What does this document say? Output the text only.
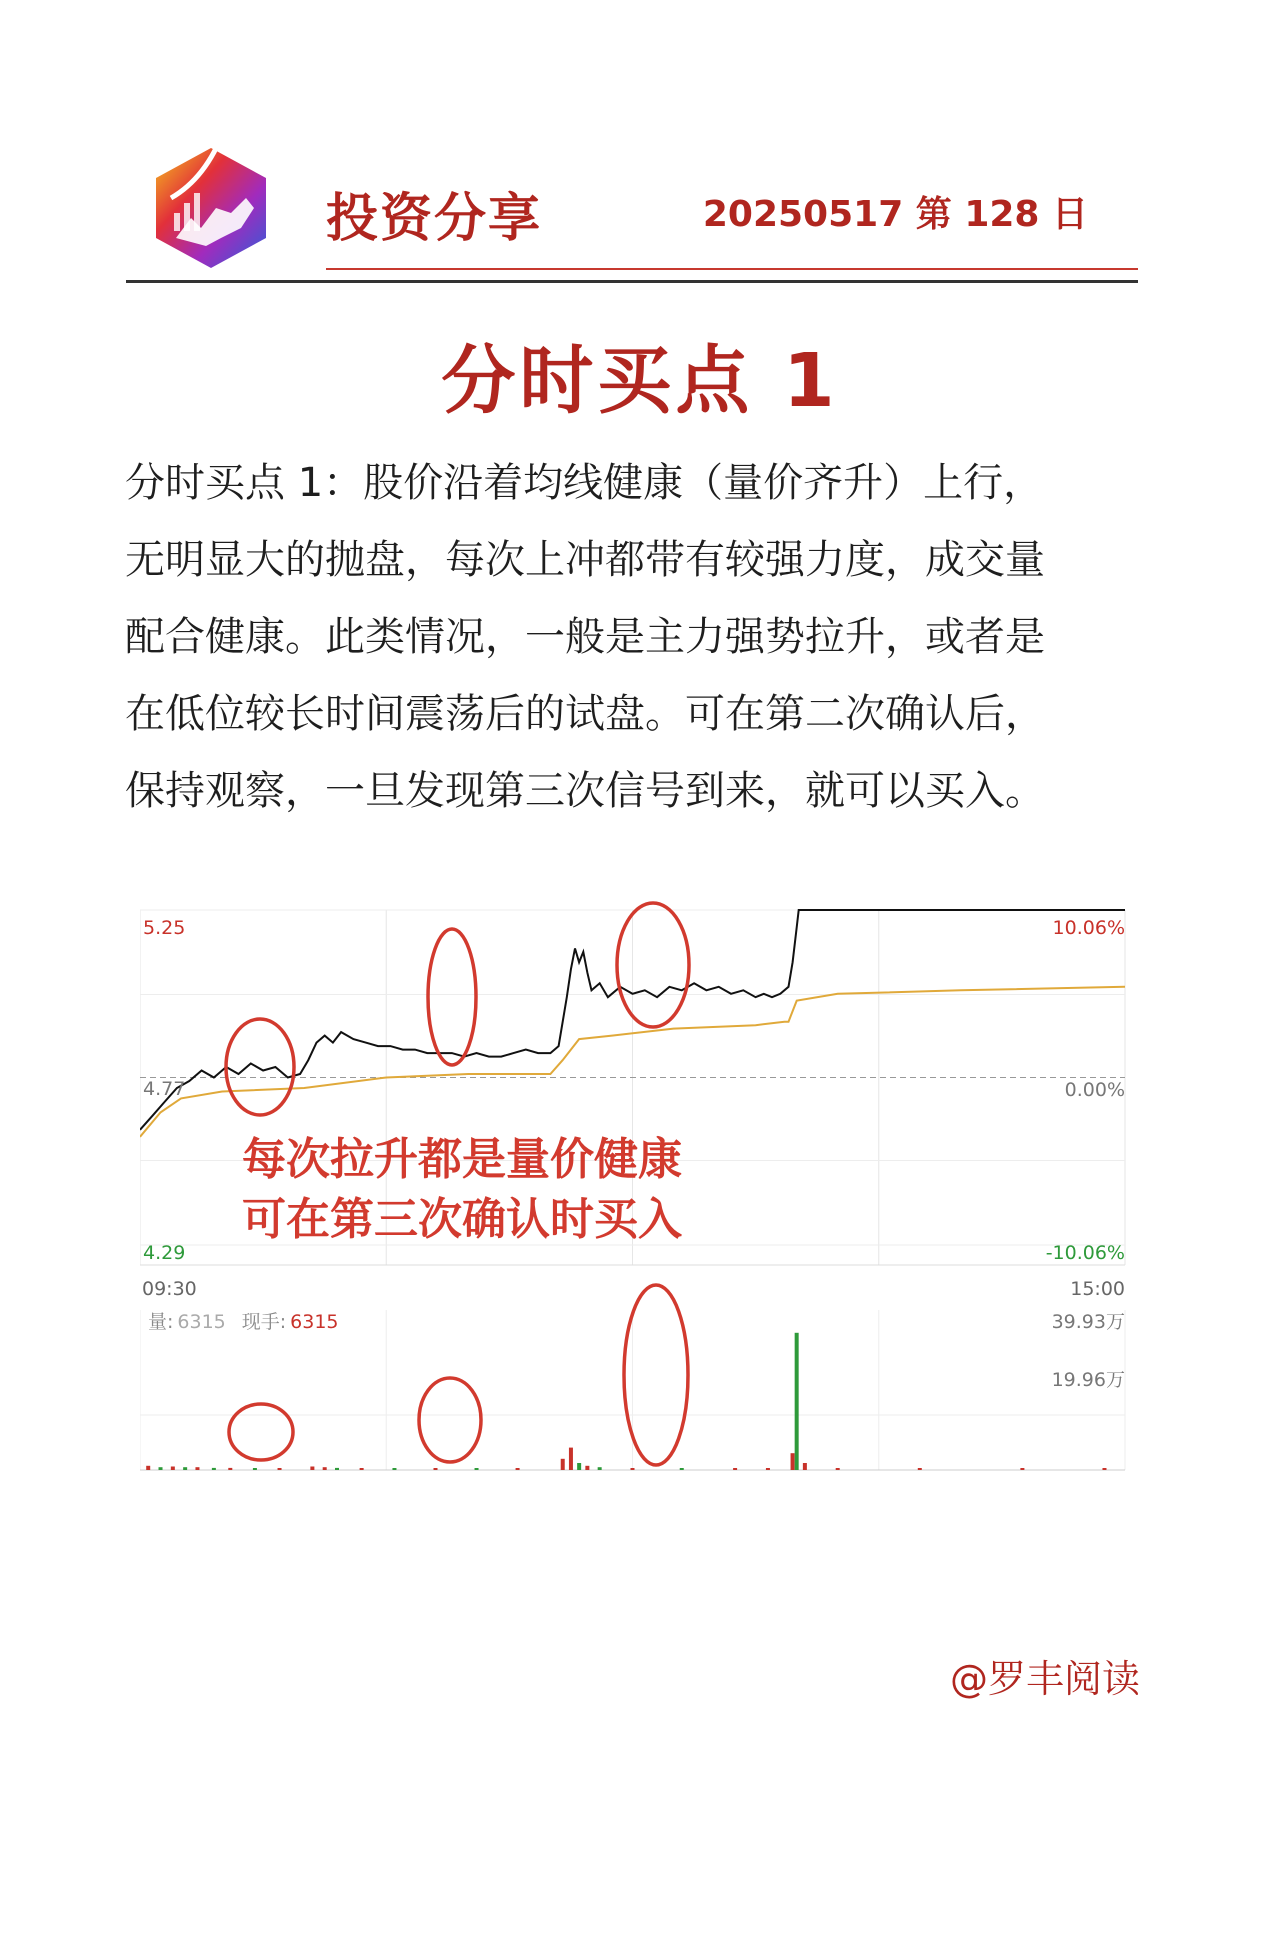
投资分享	20250517 第 128 日
分时买点 1
分时买点 1：股价沿着均线健康（量价齐升）上行，
无明显大的抛盘，每次上冲都带有较强力度，成交量
配合健康。此类情况，一般是主力强势拉升，或者是
在低位较长时间震荡后的试盘。可在第二次确认后，
保持观察，一旦发现第三次信号到来，就可以买入。
5.25
4.77
4.29
10.06%
0.00%
-10.06%
09:30	15:00
量: 6315 现手: 6315	39.93万
19.96万
每次拉升都是量价健康
可在第三次确认时买入
@罗丰阅读
